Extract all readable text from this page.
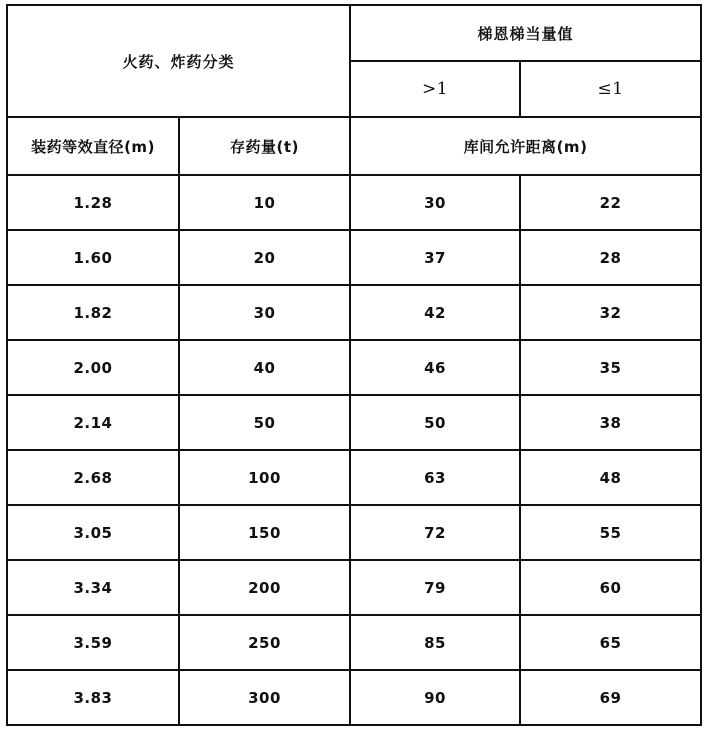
火药、炸药分类		梯恩梯当量值	
		>1	≤1
装药等效直径(m)	存药量(t)	库间允许距离(m)	
1.28	10	30	22
1.60	20	37	28
1.82	30	42	32
2.00	40	46	35
2.14	50	50	38
2.68	100	63	48
3.05	150	72	55
3.34	200	79	60
3.59	250	85	65
3.83	300	90	69
